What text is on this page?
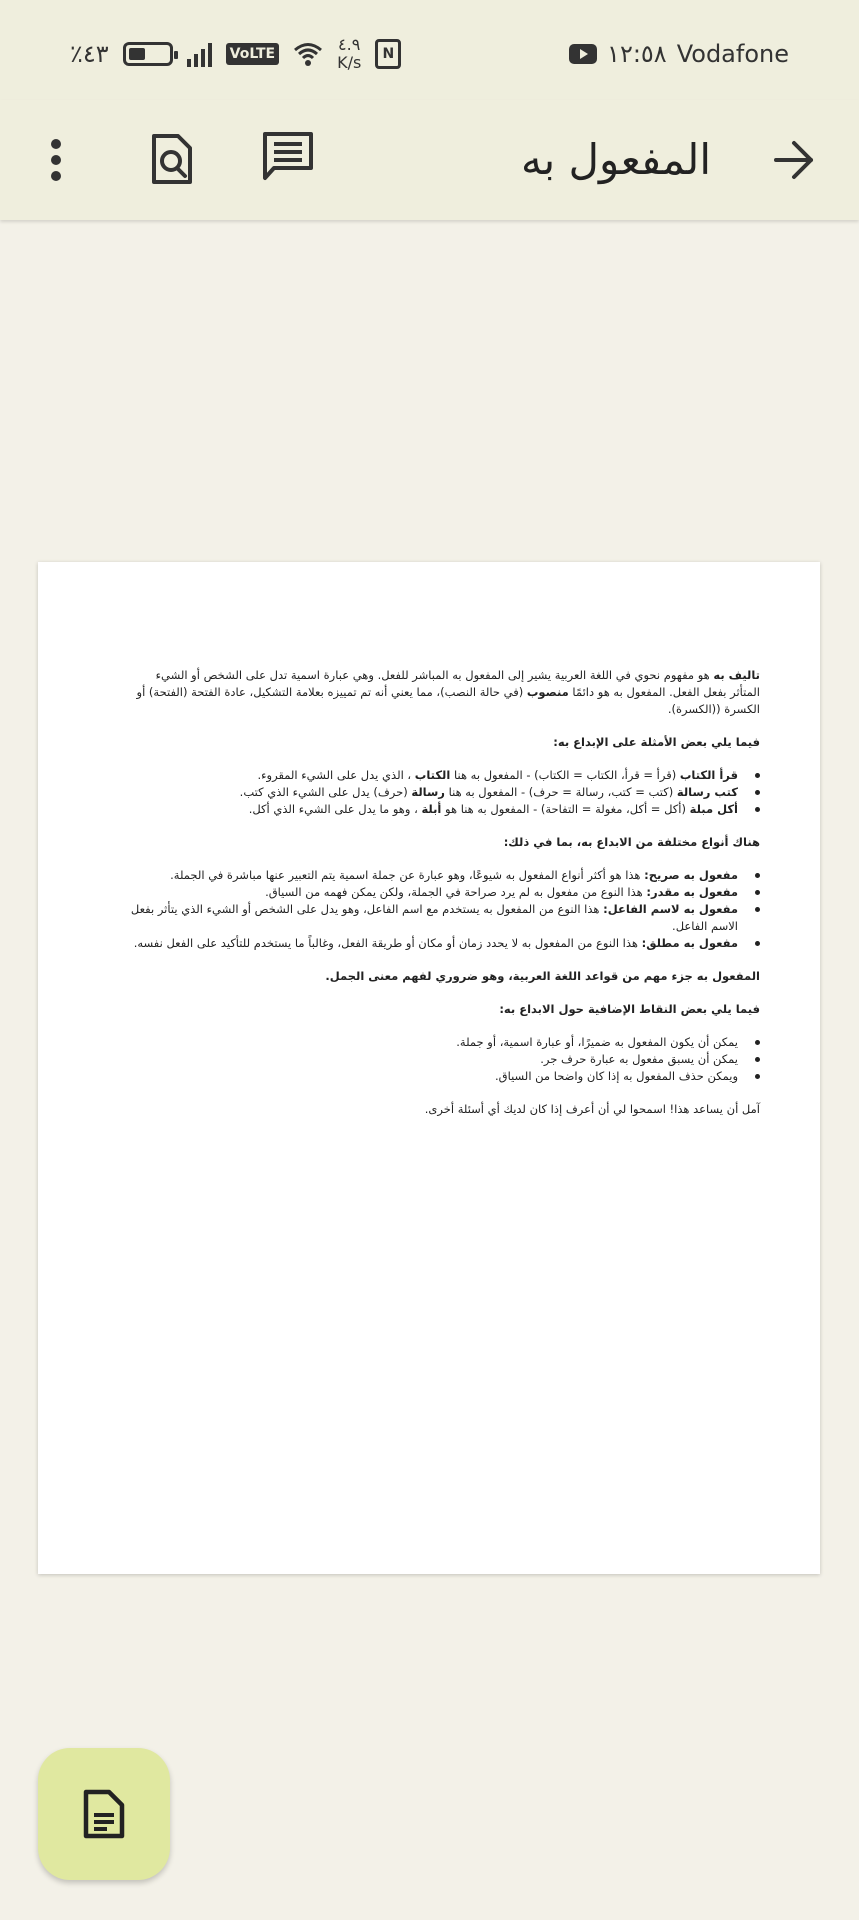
٪٤٣	VoLTE	٤.٩
K/s	N	١٢:٥٨ Vodafone
المفعول به

تاليف به هو مفهوم نحوي في اللغة العربية يشير إلى المفعول به المباشر للفعل. وهي عبارة اسمية تدل على الشخص أو الشيء المتأثر بفعل الفعل. المفعول به هو دائمًا منصوب (في حالة النصب)، مما يعني أنه تم تمييزه بعلامة التشكيل، عادة الفتحة (الفتحة) أو الكسرة ((الكسرة).

فيما يلي بعض الأمثلة على الإبداع به:

قرأ الكتاب (قرأ = قرأ، الكتاب = الكتاب) - المفعول به هنا الكتاب ، الذي يدل على الشيء المقروء.
كتب رسالة (كتب = كتب، رسالة = حرف) - المفعول به هنا رسالة (حرف) يدل على الشيء الذي كتب.
أكل مبلة (أكل = أكل، مغولة = التفاحة) - المفعول به هنا هو أبلة ، وهو ما يدل على الشيء الذي أكل.

هناك أنواع مختلفة من الابداع به، بما في ذلك:

مفعول به صريح: هذا هو أكثر أنواع المفعول به شيوعًا، وهو عبارة عن جملة اسمية يتم التعبير عنها مباشرة في الجملة.
مفعول به مقدر: هذا النوع من مفعول به لم يرد صراحة في الجملة، ولكن يمكن فهمه من السياق.
مفعول به لاسم الفاعل: هذا النوع من المفعول به يستخدم مع اسم الفاعل، وهو يدل على الشخص أو الشيء الذي يتأثر بفعل الاسم الفاعل.
مفعول به مطلق: هذا النوع من المفعول به لا يحدد زمان أو مكان أو طريقة الفعل، وغالباً ما يستخدم للتأكيد على الفعل نفسه.

المفعول به جزء مهم من قواعد اللغة العربية، وهو ضروري لفهم معنى الجمل.

فيما يلي بعض النقاط الإضافية حول الابداع به:

يمكن أن يكون المفعول به ضميرًا، أو عبارة اسمية، أو جملة.
يمكن أن يسبق مفعول به عبارة حرف جر.
ويمكن حذف المفعول به إذا كان واضحا من السياق.

آمل أن يساعد هذا! اسمحوا لي أن أعرف إذا كان لديك أي أسئلة أخرى.
